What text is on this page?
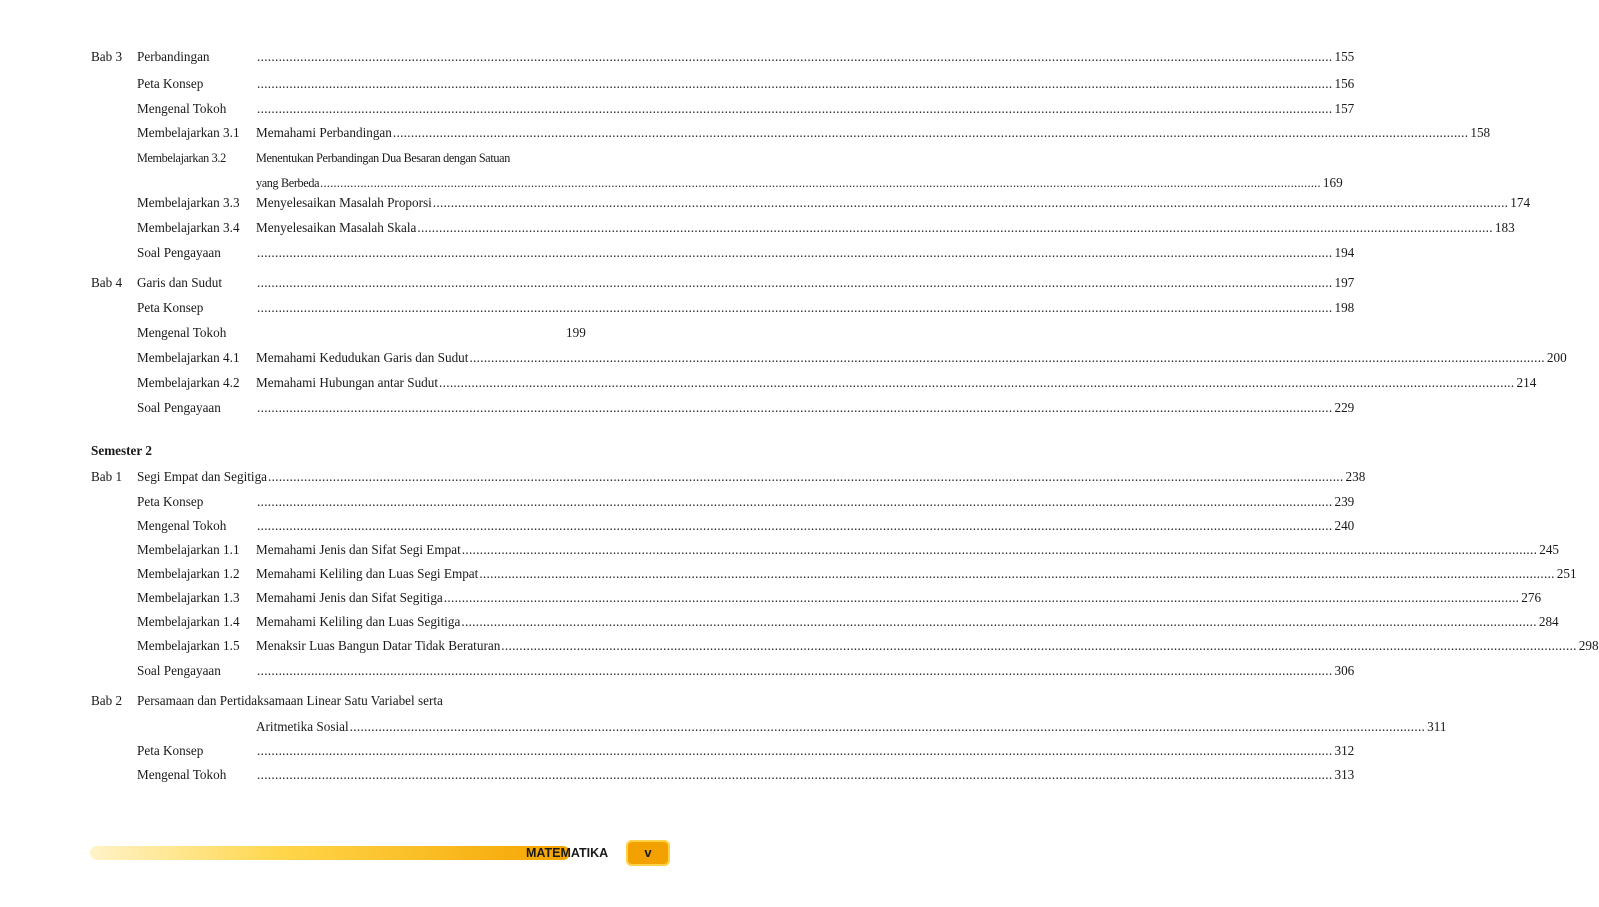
Bab 3	Perbandingan .....	155
Peta Konsep .....	156
Mengenal Tokoh .....	157
Membelajarkan 3.1 Memahami Perbandingan .....	158
Membelajarkan 3.2 Menentukan Perbandingan Dua Besaran dengan Satuan
yang Berbeda .....	169
Membelajarkan 3.3 Menyelesaikan Masalah Proporsi .....	174
Membelajarkan 3.4 Menyelesaikan Masalah Skala .....	183
Soal Pengayaan .....	194
Bab 4	Garis dan Sudut .....	197
Peta Konsep .....	198
Mengenal Tokoh	199
Membelajarkan 4.1 Memahami Kedudukan Garis dan Sudut .....	200
Membelajarkan 4.2 Memahami Hubungan antar Sudut .....	214
Soal Pengayaan .....	229
Semester 2
Bab 1	Segi Empat dan Segitiga .....	238
Peta Konsep .....	239
Mengenal Tokoh .....	240
Membelajarkan 1.1 Memahami Jenis dan Sifat Segi Empat .....	245
Membelajarkan 1.2 Memahami Keliling dan Luas Segi Empat .....	251
Membelajarkan 1.3 Memahami Jenis dan Sifat Segitiga .....	276
Membelajarkan 1.4 Memahami Keliling dan Luas Segitiga .....	284
Membelajarkan 1.5 Menaksir Luas Bangun Datar Tidak Beraturan .....	298
Soal Pengayaan .....	306
Bab 2	Persamaan dan Pertidaksamaan Linear Satu Variabel serta
Aritmetika Sosial .....	311
Peta Konsep .....	312
Mengenal Tokoh .....	313
MATEMATIKA	v
